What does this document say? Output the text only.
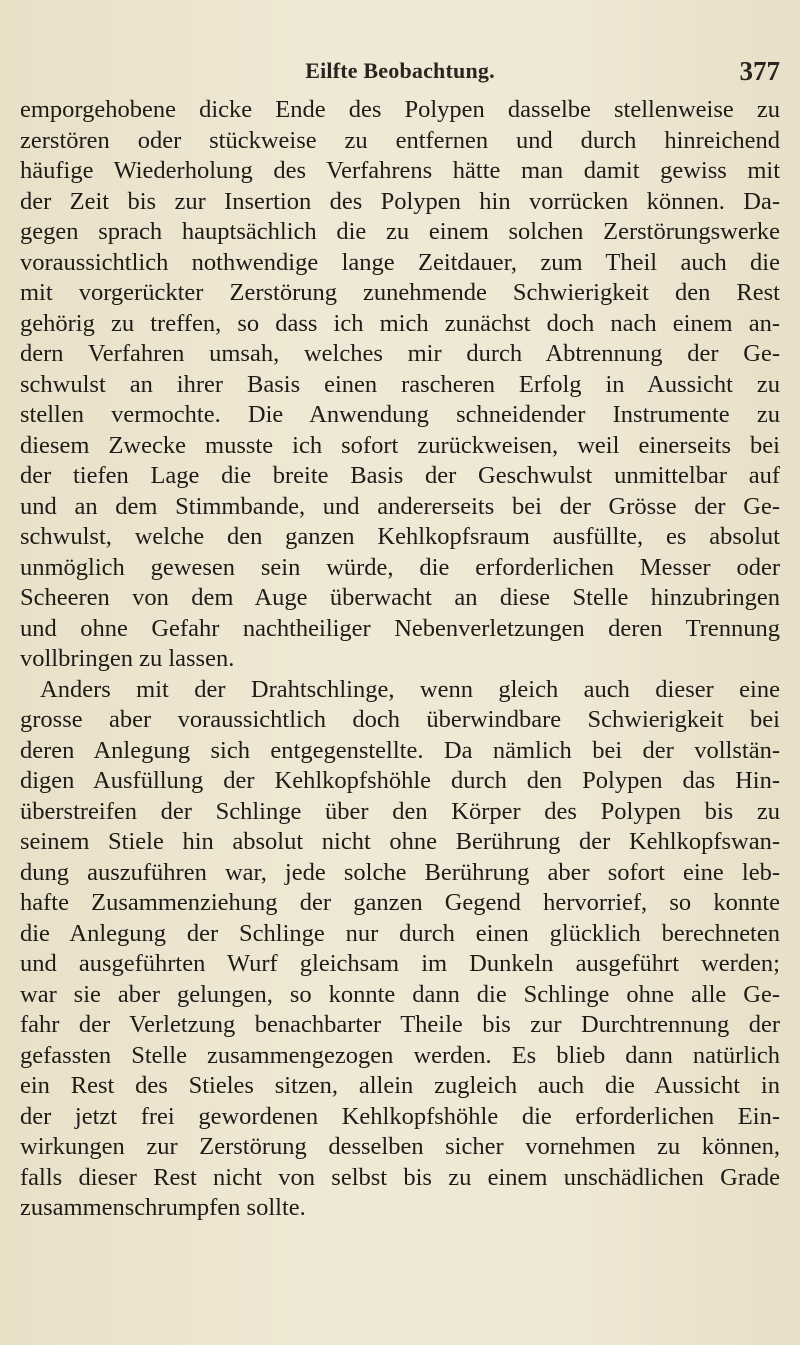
Eilfte Beobachtung.	377
emporgehobene dicke Ende des Polypen dasselbe stellenweise zu
zerstören oder stückweise zu entfernen und durch hinreichend
häufige Wiederholung des Verfahrens hätte man damit gewiss mit
der Zeit bis zur Insertion des Polypen hin vorrücken können. Da-
gegen sprach hauptsächlich die zu einem solchen Zerstörungswerke
voraussichtlich nothwendige lange Zeitdauer, zum Theil auch die
mit vorgerückter Zerstörung zunehmende Schwierigkeit den Rest
gehörig zu treffen, so dass ich mich zunächst doch nach einem an-
dern Verfahren umsah, welches mir durch Abtrennung der Ge-
schwulst an ihrer Basis einen rascheren Erfolg in Aussicht zu
stellen vermochte. Die Anwendung schneidender Instrumente zu
diesem Zwecke musste ich sofort zurückweisen, weil einerseits bei
der tiefen Lage die breite Basis der Geschwulst unmittelbar auf
und an dem Stimmbande, und andererseits bei der Grösse der Ge-
schwulst, welche den ganzen Kehlkopfsraum ausfüllte, es absolut
unmöglich gewesen sein würde, die erforderlichen Messer oder
Scheeren von dem Auge überwacht an diese Stelle hinzubringen
und ohne Gefahr nachtheiliger Nebenverletzungen deren Trennung
vollbringen zu lassen.
Anders mit der Drahtschlinge, wenn gleich auch dieser eine
grosse aber voraussichtlich doch überwindbare Schwierigkeit bei
deren Anlegung sich entgegenstellte. Da nämlich bei der vollstän-
digen Ausfüllung der Kehlkopfshöhle durch den Polypen das Hin-
überstreifen der Schlinge über den Körper des Polypen bis zu
seinem Stiele hin absolut nicht ohne Berührung der Kehlkopfswan-
dung auszuführen war, jede solche Berührung aber sofort eine leb-
hafte Zusammenziehung der ganzen Gegend hervorrief, so konnte
die Anlegung der Schlinge nur durch einen glücklich berechneten
und ausgeführten Wurf gleichsam im Dunkeln ausgeführt werden;
war sie aber gelungen, so konnte dann die Schlinge ohne alle Ge-
fahr der Verletzung benachbarter Theile bis zur Durchtrennung der
gefassten Stelle zusammengezogen werden. Es blieb dann natürlich
ein Rest des Stieles sitzen, allein zugleich auch die Aussicht in
der jetzt frei gewordenen Kehlkopfshöhle die erforderlichen Ein-
wirkungen zur Zerstörung desselben sicher vornehmen zu können,
falls dieser Rest nicht von selbst bis zu einem unschädlichen Grade
zusammenschrumpfen sollte.
